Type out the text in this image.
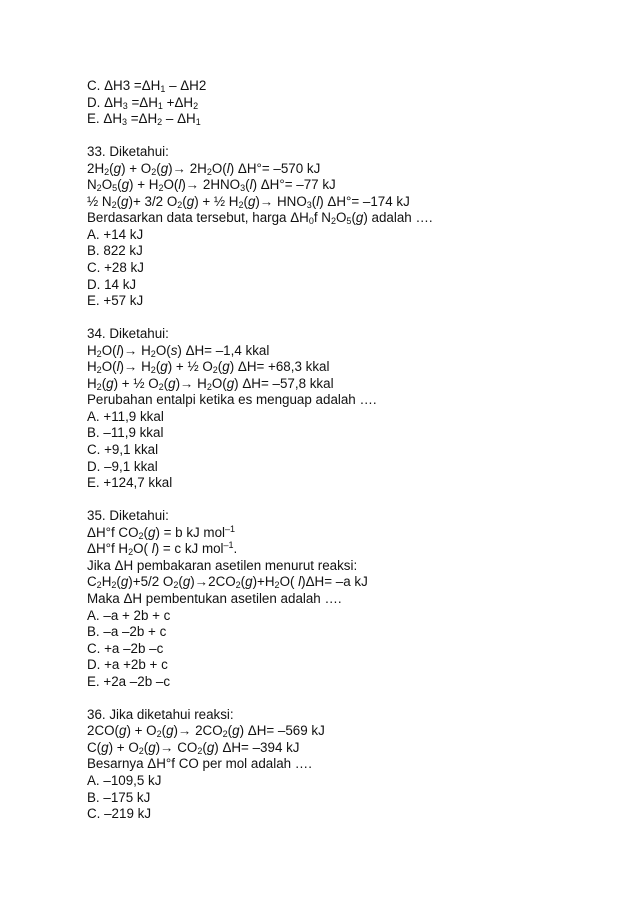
C. $\Delta H3 =\Delta H_1 - \Delta H2$
D. $\Delta H_3 =\Delta H_1 +\Delta H_2$
E. $\Delta H_3 =\Delta H_2 - \Delta H_1$
33. Diketahui:
$2H_2(g) + O_2(g)\to 2H_2O(l)$ ΔH°= –570 kJ
$N_2O_5(g) + H_2O(l)\to 2HNO_3(l)$ ΔH°= –77 kJ
½ $N_2(g)+ 3/2$ $O_2(g)$ + ½ $H_2(g)\to HNO_3(l)$ ΔH°= –174 kJ
Berdasarkan data tersebut, harga $\Delta H_0f$ $N_2O_5(g)$ adalah ….
A. +14 kJ
B. 822 kJ
C. +28 kJ
D. 14 kJ
E. +57 kJ
34. Diketahui:
$H_2O(l)\to H_2O(s)$ ΔH= –1,4 kkal
$H_2O(l)\to H_2(g)$ + ½ $O_2(g)$ ΔH= +68,3 kkal
$H_2(g)$ + ½ $O_2(g)\to H_2O(g)$ ΔH= –57,8 kkal
Perubahan entalpi ketika es menguap adalah ….
A. +11,9 kkal
B. –11,9 kkal
C. +9,1 kkal
D. –9,1 kkal
E. +124,7 kkal
35. Diketahui:
ΔH°f $CO_2(g) = b$ kJ mol$^{-1}$
ΔH°f $H_2O$( l) = c kJ mol$^{-1}$.
Jika ΔH pembakaran asetilen menurut reaksi:
$C_2H_2(g)+5/2$ $O_2(g)\to 2CO_2(g)+H_2O$( l)ΔH= –a kJ
Maka ΔH pembentukan asetilen adalah ….
A. –a + 2b + c
B. –a –2b + c
C. +a –2b –c
D. +a +2b + c
E. +2a –2b –c
36. Jika diketahui reaksi:
$2CO(g) + O_2(g)\to 2CO_2(g)$ ΔH= –569 kJ
$C(g) + O_2(g)\to CO_2(g)$ ΔH= –394 kJ
Besarnya ΔH°f CO per mol adalah ….
A. –109,5 kJ
B. –175 kJ
C. –219 kJ
